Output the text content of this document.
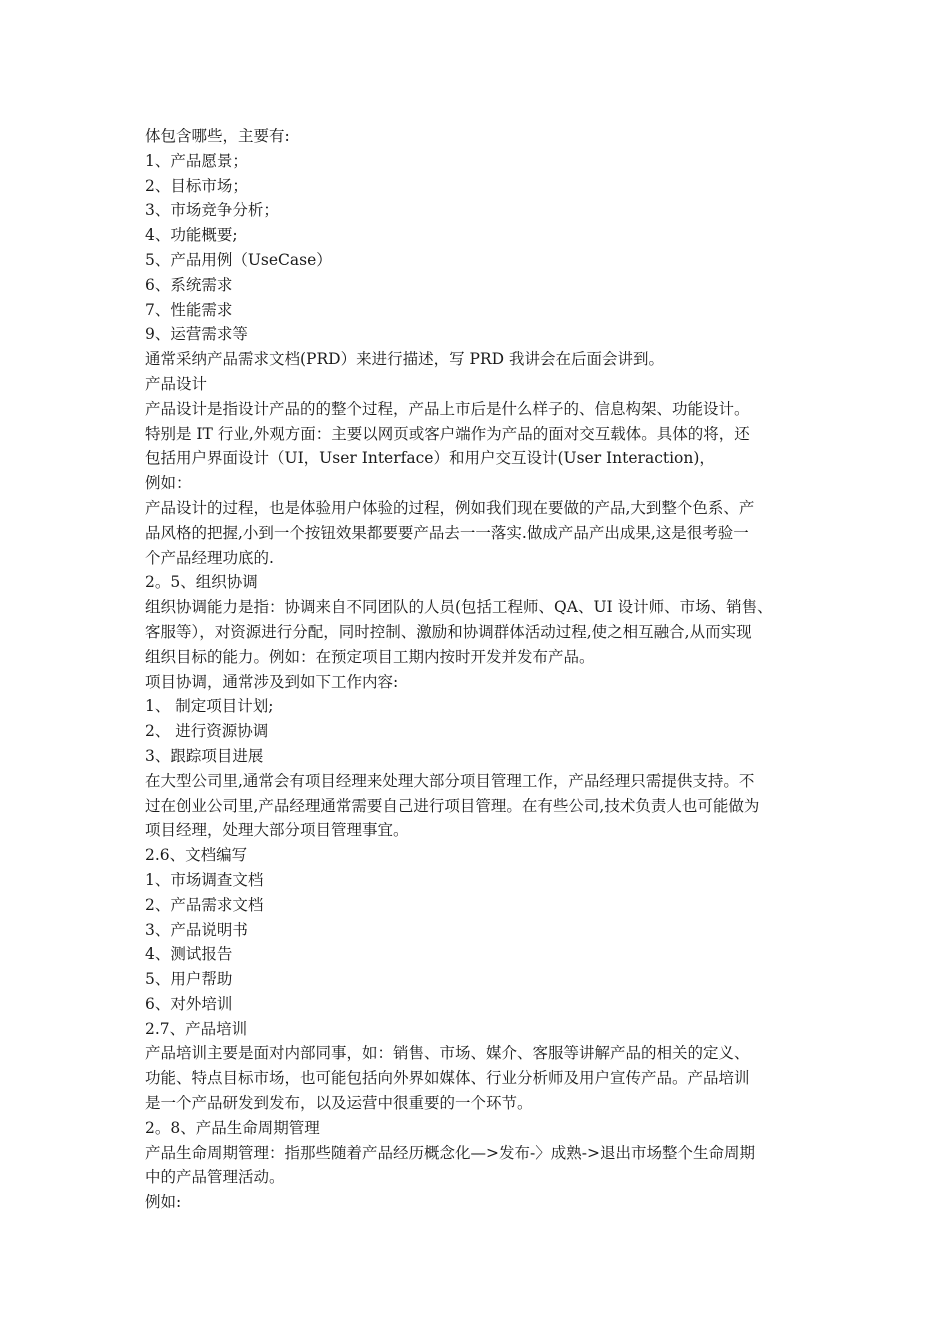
体包含哪些，主要有:

1、产品愿景；

2、目标市场；

3、市场竞争分析；

4、功能概要;

5、产品用例（UseCase）

6、系统需求

7、性能需求

9、运营需求等

通常采纳产品需求文档(PRD）来进行描述，写 PRD 我讲会在后面会讲到。

产品设计

产品设计是指设计产品的的整个过程，产品上市后是什么样子的、信息构架、功能设计。

特别是 IT 行业,外观方面：主要以网页或客户端作为产品的面对交互载体。具体的将，还

包括用户界面设计（UI，User Interface）和用户交互设计(User Interaction)，

例如：

产品设计的过程，也是体验用户体验的过程，例如我们现在要做的产品,大到整个色系、产

品风格的把握,小到一个按钮效果都要要产品去一一落实.做成产品产出成果,这是很考验一

个产品经理功底的.

2。5、组织协调

组织协调能力是指：协调来自不同团队的人员(包括工程师、QA、UI 设计师、市场、销售、

客服等），对资源进行分配，同时控制、激励和协调群体活动过程,使之相互融合,从而实现

组织目标的能力。例如：在预定项目工期内按时开发并发布产品。

项目协调，通常涉及到如下工作内容:

1、 制定项目计划;

2、 进行资源协调

3、跟踪项目进展

在大型公司里,通常会有项目经理来处理大部分项目管理工作，产品经理只需提供支持。不

过在创业公司里,产品经理通常需要自己进行项目管理。在有些公司,技术负责人也可能做为

项目经理，处理大部分项目管理事宜。

2.6、文档编写

1、市场调查文档

2、产品需求文档

3、产品说明书

4、测试报告

5、用户帮助

6、对外培训

2.7、产品培训

产品培训主要是面对内部同事，如：销售、市场、媒介、客服等讲解产品的相关的定义、

功能、特点目标市场，也可能包括向外界如媒体、行业分析师及用户宣传产品。产品培训

是一个产品研发到发布，以及运营中很重要的一个环节。

2。8、产品生命周期管理

产品生命周期管理：指那些随着产品经历概念化—>发布-〉成熟->退出市场整个生命周期

中的产品管理活动。

例如:
